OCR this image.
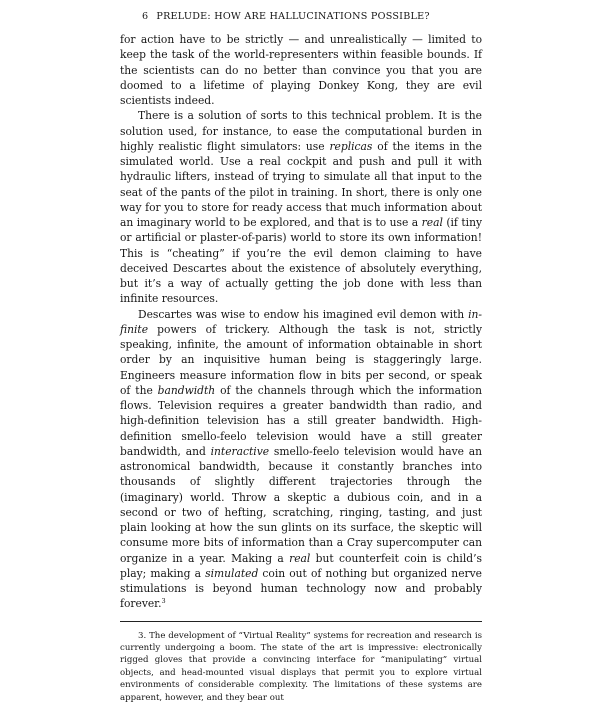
6 PRELUDE: HOW ARE HALLUCINATIONS POSSIBLE?

for action have to be strictly — and unrealistically — limited to keep the task of the world-representers within feasible bounds. If the scientists can do no better than convince you that you are doomed to a lifetime of playing Donkey Kong, they are evil scientists indeed.

There is a solution of sorts to this technical problem. It is the solution used, for instance, to ease the computational burden in highly realistic flight simulators: use replicas of the items in the simulated world. Use a real cockpit and push and pull it with hydraulic lifters, instead of trying to simulate all that input to the seat of the pants of the pilot in training. In short, there is only one way for you to store for ready access that much information about an imaginary world to be explored, and that is to use a real (if tiny or artificial or plaster-of-paris) world to store its own information! This is “cheating” if you’re the evil demon claiming to have deceived Descartes about the existence of absolutely everything, but it’s a way of actually getting the job done with less than infinite resources.

Descartes was wise to endow his imagined evil demon with infinite powers of trickery. Although the task is not, strictly speaking, infinite, the amount of information obtainable in short order by an inquisitive human being is staggeringly large. Engineers measure information flow in bits per second, or speak of the bandwidth of the channels through which the information flows. Television requires a greater bandwidth than radio, and high-definition television has a still greater bandwidth. High-definition smello-feelo television would have a still greater bandwidth, and interactive smello-feelo television would have an astronomical bandwidth, because it constantly branches into thousands of slightly different trajectories through the (imaginary) world. Throw a skeptic a dubious coin, and in a second or two of hefting, scratching, ringing, tasting, and just plain looking at how the sun glints on its surface, the skeptic will consume more bits of information than a Cray supercomputer can organize in a year. Making a real but counterfeit coin is child’s play; making a simulated coin out of nothing but organized nerve stimulations is beyond human technology now and probably forever.$^3$

3. The development of “Virtual Reality” systems for recreation and research is currently undergoing a boom. The state of the art is impressive: electronically rigged gloves that provide a convincing interface for “manipulating” virtual objects, and head-mounted visual displays that permit you to explore virtual environments of considerable complexity. The limitations of these systems are apparent, however, and they bear out
